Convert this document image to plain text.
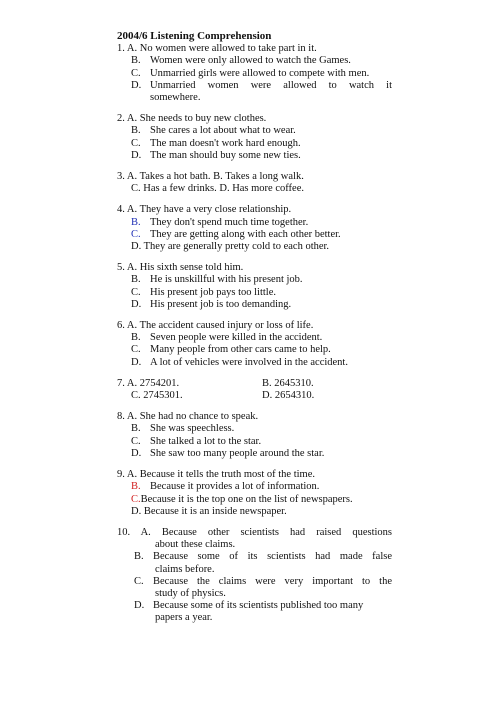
2004/6 Listening Comprehension
1. A. No women were allowed to take part in it.
B. Women were only allowed to watch the Games.
C. Unmarried girls were allowed to compete with men.
D. Unmarried women were allowed to watch it
somewhere.
2. A. She needs to buy new clothes.
B. She cares a lot about what to wear.
C. The man doesn't work hard enough.
D. The man should buy some new ties.
3. A. Takes a hot bath. B. Takes a long walk.
C. Has a few drinks. D. Has more coffee.
4. A. They have a very close relationship.
B. They don't spend much time together.
C. They are getting along with each other better.
D. They are generally pretty cold to each other.
5. A. His sixth sense told him.
B. He is unskillful with his present job.
C. His present job pays too little.
D. His present job is too demanding.
6. A. The accident caused injury or loss of life.
B. Seven people were killed in the accident.
C. Many people from other cars came to help.
D. A lot of vehicles were involved in the accident.
7. A. 2754201.	B. 2645310.
C. 2745301.	D. 2654310.
8. A. She had no chance to speak.
B. She was speechless.
C. She talked a lot to the star.
D. She saw too many people around the star.
9. A. Because it tells the truth most of the time.
B. Because it provides a lot of information.
C.Because it is the top one on the list of newspapers.
D. Because it is an inside newspaper.
10. A. Because other scientists had raised questions
about these claims.
B. Because some of its scientists had made false
claims before.
C. Because the claims were very important to the
study of physics.
D. Because some of its scientists published too many
papers a year.
